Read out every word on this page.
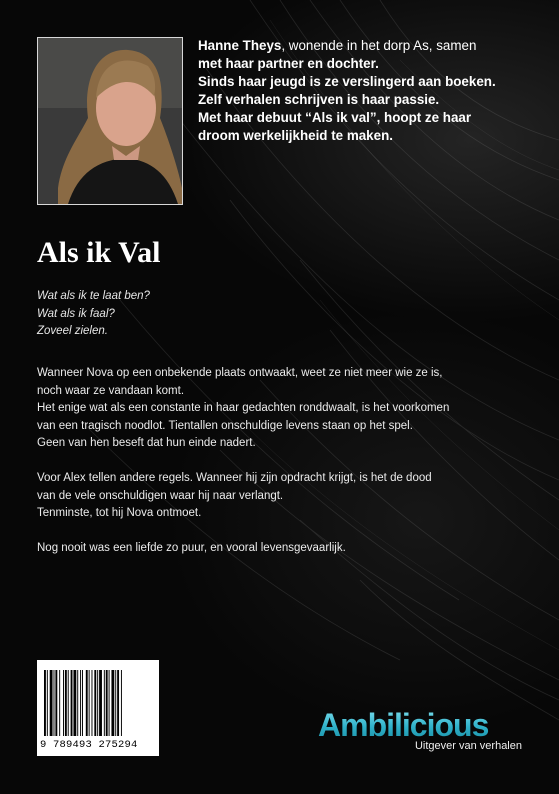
Hanne Theys, wonende in het dorp As, samen

met haar partner en dochter.

Sinds haar jeugd is ze verslingerd aan boeken.

Zelf verhalen schrijven is haar passie.

Met haar debuut “Als ik val”, hoopt ze haar

droom werkelijkheid te maken.

Als ik Val

Wat als ik te laat ben?

Wat als ik faal?

Zoveel zielen.

Wanneer Nova op een onbekende plaats ontwaakt, weet ze niet meer wie ze is,

noch waar ze vandaan komt.

Het enige wat als een constante in haar gedachten ronddwaalt, is het voorkomen

van een tragisch noodlot. Tientallen onschuldige levens staan op het spel.

Geen van hen beseft dat hun einde nadert.

Voor Alex tellen andere regels. Wanneer hij zijn opdracht krijgt, is het de dood

van de vele onschuldigen waar hij naar verlangt.

Tenminste, tot hij Nova ontmoet.

Nog nooit was een liefde zo puur, en vooral levensgevaarlijk.

9 789493 275294
Ambilicious
Uitgever van verhalen
